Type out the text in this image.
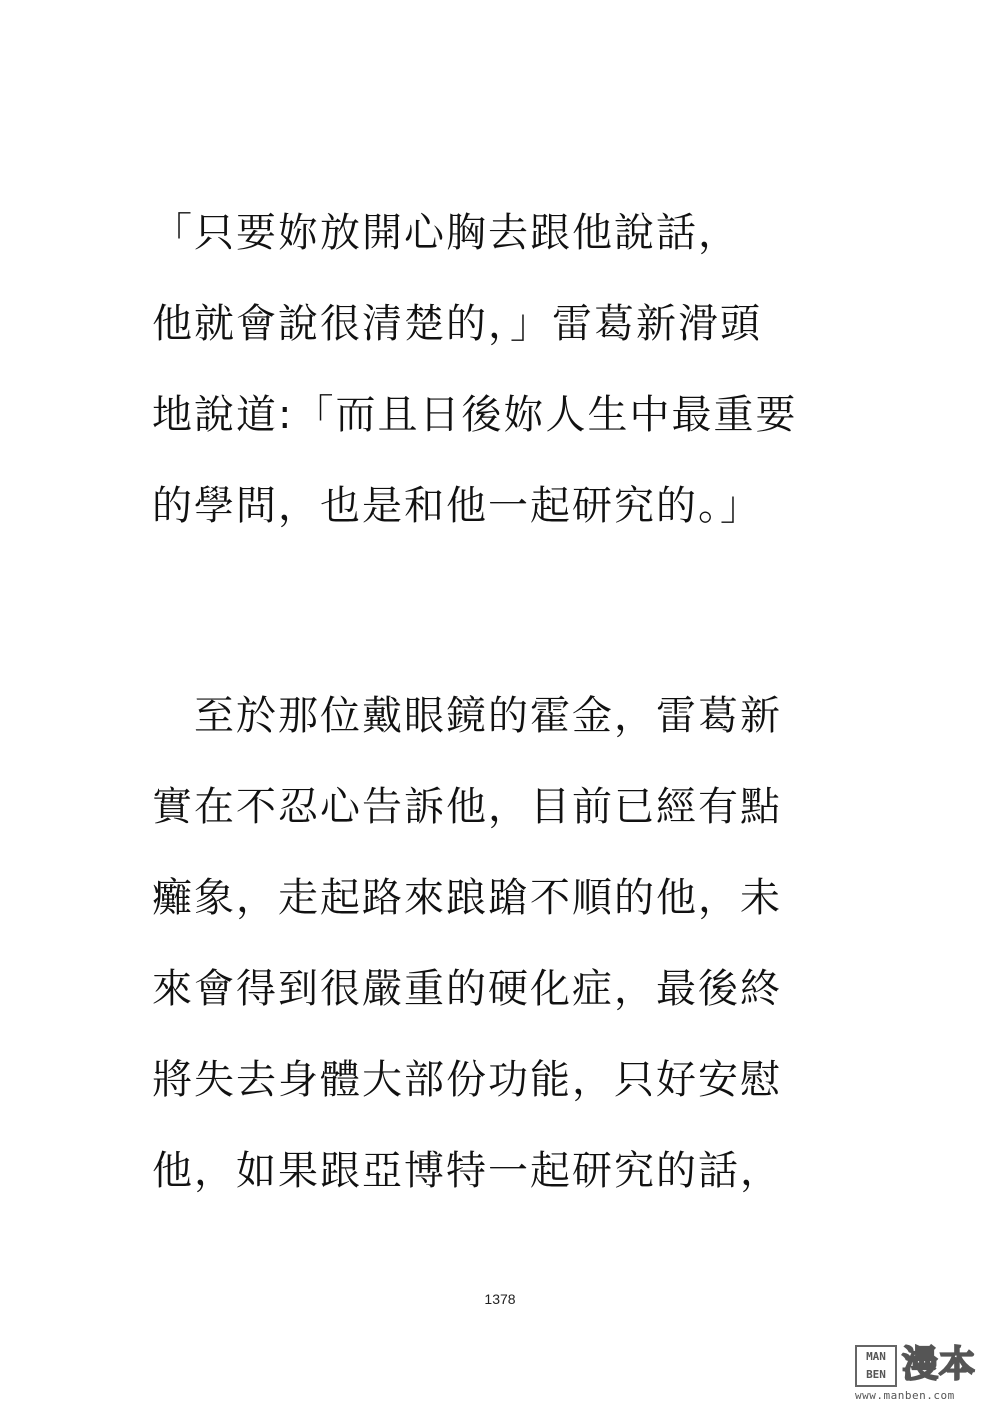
「只要妳放開心胸去跟他說話，
他就會說很清楚的，」雷葛新滑頭
地說道:「而且日後妳人生中最重要
的學問，也是和他一起研究的。」
　至於那位戴眼鏡的霍金，雷葛新
實在不忍心告訴他，目前已經有點
癱象，走起路來踉蹌不順的他，未
來會得到很嚴重的硬化症，最後終
將失去身體大部份功能，只好安慰
他，如果跟亞博特一起研究的話，
1378
MAN
BEN 漫本
www.manben.com
